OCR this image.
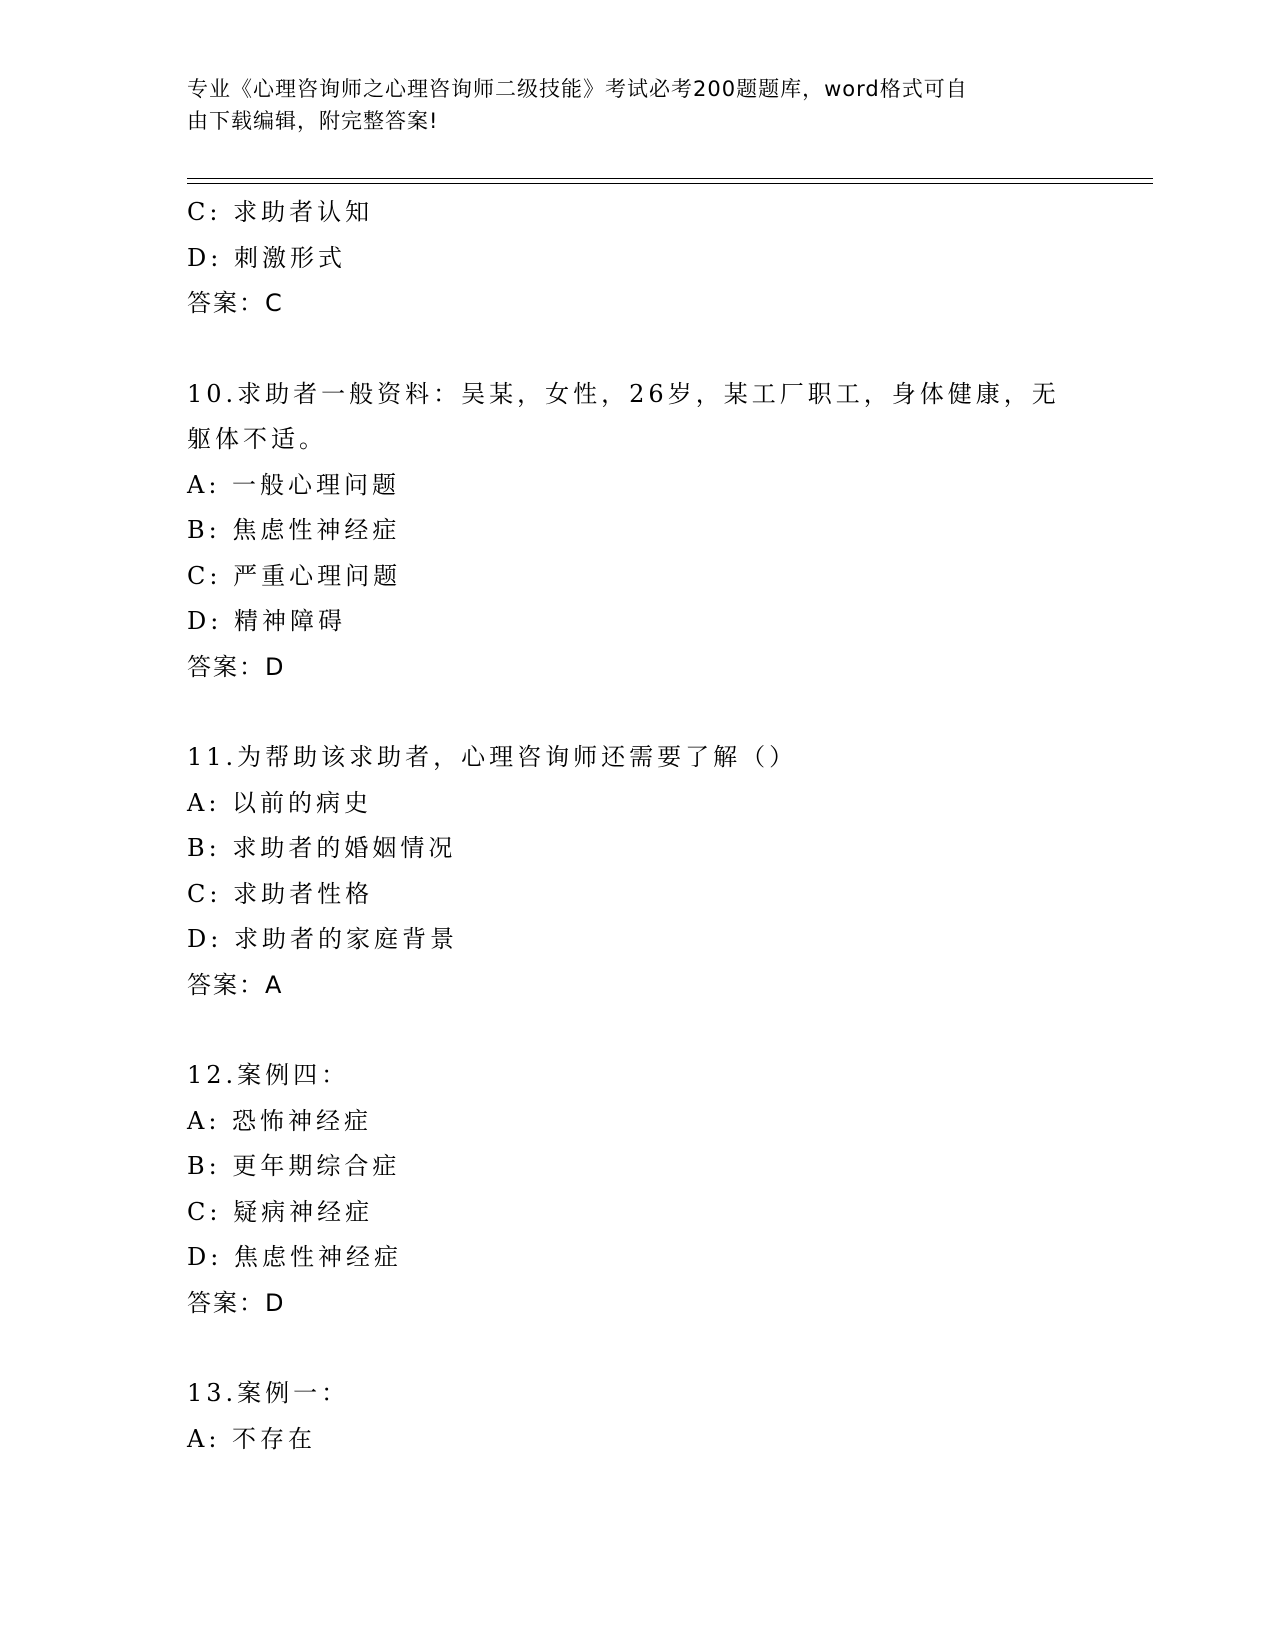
专业《心理咨询师之心理咨询师二级技能》考试必考200题题库，word格式可自
由下载编辑，附完整答案!
C: 求助者认知
D: 刺激形式
答案：C
10.求助者一般资料：吴某，女性，26岁，某工厂职工，身体健康，无
躯体不适。
A: 一般心理问题
B: 焦虑性神经症
C: 严重心理问题
D: 精神障碍
答案：D
11.为帮助该求助者，心理咨询师还需要了解（）
A: 以前的病史
B: 求助者的婚姻情况
C: 求助者性格
D: 求助者的家庭背景
答案：A
12.案例四：
A: 恐怖神经症
B: 更年期综合症
C: 疑病神经症
D: 焦虑性神经症
答案：D
13.案例一：
A: 不存在
